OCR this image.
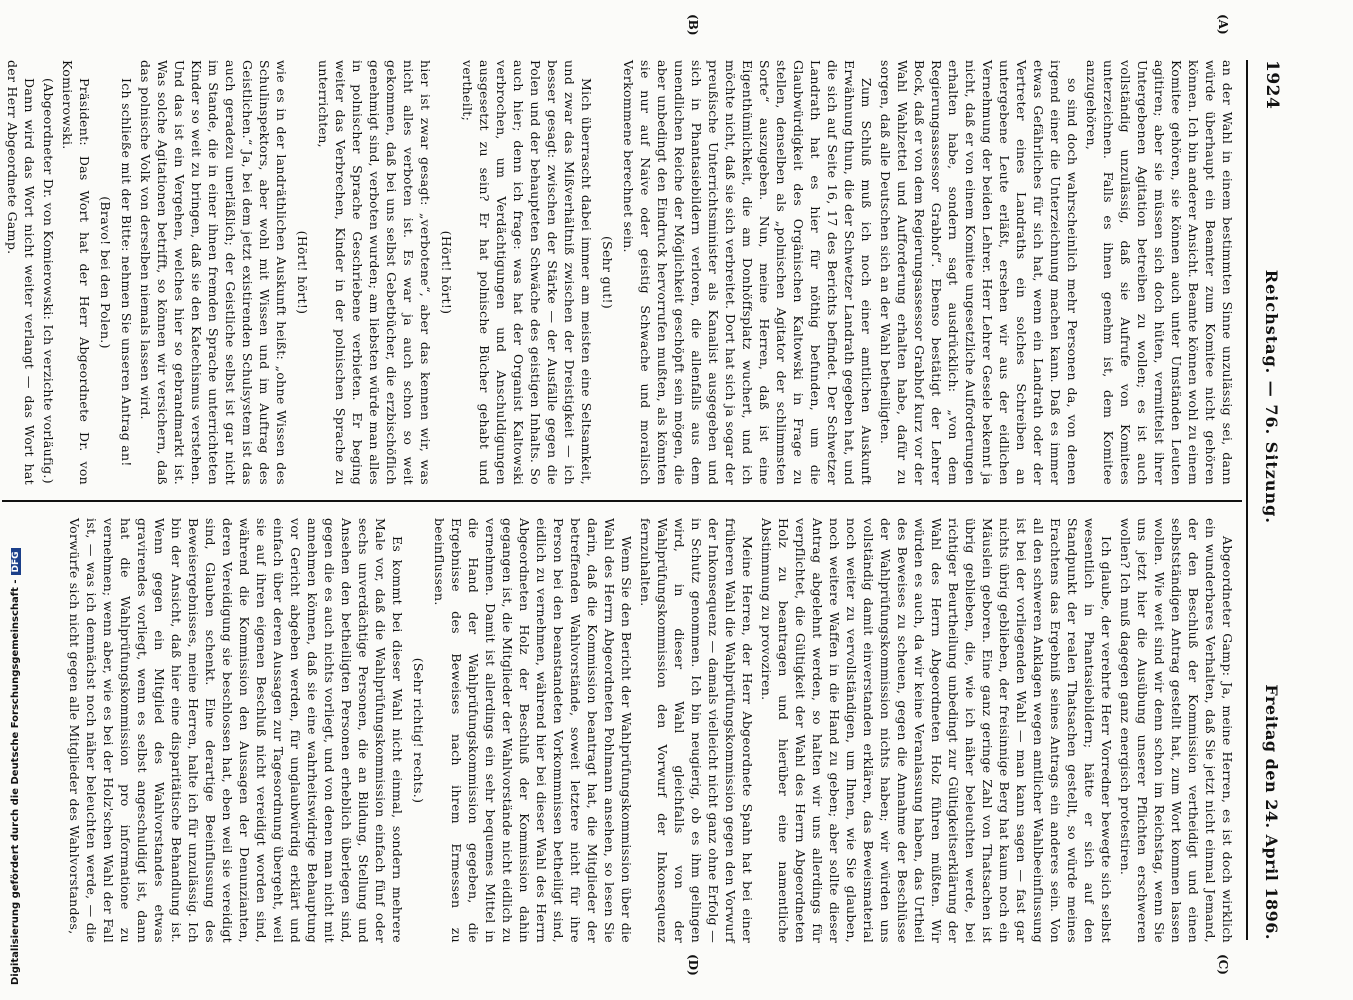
1924
Reichstag. — 76. Sitzung.
Freitag den 24. April 1896.
(A)
(B)
(C)
(D)

an der Wahl in einem bestimmten Sinne unzulässig sei, dann würde überhaupt ein Beamter zum Komitee nicht gehören können. Ich bin anderer Ansicht. Beamte können wohl zu einem Komitee gehören, sie können auch unter Umständen Leuten agitiren; aber sie müssen sich doch hüten, vermittelst ihrer Untergebenen Agitation betreiben zu wollen; es ist auch vollständig unzulässig, daß sie Aufrufe von Komitees unterzeichnen. Falls es ihnen genehm ist, dem Komitee anzugehören,

so sind doch wahrscheinlich mehr Personen da, von denen irgend einer die Unterzeichnung machen kann. Daß es immer etwas Gefährliches für sich hat, wenn ein Landrath oder der Vertreter eines Landraths ein solches Schreiben an untergebene Leute erläßt, ersehen wir aus der eidlichen Vernehmung der beiden Lehrer. Herr Lehrer Gesele bekennt ja nicht, daß er von einem Komitee ungesetzliche Aufforderungen erhalten habe, sondern sagt ausdrücklich: „von dem Regierungsassessor Grabhof“. Ebenso bestätigt der Lehrer Bock, daß er von dem Regierungsassessor Grabhof kurz vor der Wahl Wahlzettel und Aufforderung erhalten habe, dafür zu sorgen, daß alle Deutschen sich an der Wahl betheiligten.

Zum Schluß muß ich noch einer amtlichen Auskunft Erwähnung thun, die der Schwetzer Landrath gegeben hat, und die sich auf Seite 16, 17 des Berichts befindet. Der Schwetzer Landrath hat es hier für nöthig befunden, um die Glaubwürdigkeit des Orgänischen Kaltowski in Frage zu stellen, denselben als „polnischen Agitator der schlimmsten Sorte“ auszugeben. Nun, meine Herren, daß ist eine Eigenthümlichkeit, die am Donhöffsplatz wuchert, und ich möchte nicht, daß sie sich verbreitet. Dort hat sich ja sogar der preußische Unterrichtsminister als Kanalist ausgegeben und sich in Phantasiebildern verloren, die allenfalls aus dem unendlichen Reiche der Möglichkeit geschöpft sein mögen, die aber unbedingt den Eindruck hervorrufen mußten, als könnten sie nur auf Naive oder geistig Schwache und moralisch Verkommene berechnet sein.

(Sehr gut!)

Mich überrascht dabei immer am meisten eine Seltsamkeit, und zwar das Mißverhältniß zwischen der Dreistigkeit — ich besser gesagt: zwischen der Stärke — der Ausfälle gegen die Polen und der behaupteten Schwäche des geistigen Inhalts. So auch hier; denn ich frage: was hat der Organist Kaltowski verbrochen, um Verdächtigungen und Anschuldigungen ausgesetzt zu sein? Er hat polnische Bücher gehabt und vertheilt;

(Hört! hört!)

hier ist zwar gesagt: „verbotene“, aber das kennen wir, was nicht alles verboten ist. Es war ja auch schon so weit gekommen, daß bei uns selbst Gebetbücher, die erzbischöflich genehmigt sind, verboten wurden; am liebsten würde man alles in polnischer Sprache Geschriebene verbieten. Er beging weiter das Verbrechen, Kinder in der polnischen Sprache zu unterrichten,

(Hört! hört!)

wie es in der landräthlichen Auskunft heißt: „ohne Wissen des Schulinspektors, aber wohl mit Wissen und im Auftrag des Geistlichen.“ Ja, bei dem jetzt existirenden Schulsystem ist das auch geradezu unerläßlich; der Geistliche selbst ist gar nicht im Stande, die in einer ihnen fremden Sprache unterrichteten Kinder so weit zu bringen, daß sie den Katechismus verstehen. Und das ist ein Vergehen, welches hier so gebrandmarkt ist. Was solche Agitationen betrifft, so können wir versichern, daß das polnische Volk von derselben niemals lassen wird.

Ich schließe mit der Bitte: nehmen Sie unseren Antrag an!

(Bravo! bei den Polen.)

Präsident: Das Wort hat der Herr Abgeordnete Dr. von Komierowski.

(Abgeordneter Dr. von Komierowski: Ich verzichte vorläufig.)

Dann wird das Wort nicht weiter verlangt — das Wort hat der Herr Abgeordnete Gamp.

Abgeordneter Gamp: Ja, meine Herren, es ist doch wirklich ein wunderbares Verhalten, daß Sie jetzt nicht einmal Jemand, der den Beschluß der Kommission vertheidigt und einen selbstständigen Antrag gestellt hat, zum Wort kommen lassen wollen. Wie weit sind wir denn schon im Reichstag, wenn Sie uns jetzt hier die Ausübung unserer Pflichten erschweren wollen? Ich muß dagegen ganz energisch protestiren.

Ich glaube, der verehrte Herr Vorredner bewegte sich selbst wesentlich in Phantasiebildern; hätte er sich auf den Standpunkt der realen Thatsachen gestellt, so würde meines Erachtens das Ergebniß seines Antrags ein anderes sein. Von all den schweren Anklagen wegen amtlicher Wahlbeeinflussung ist bei der vorliegenden Wahl — man kann sagen — fast gar nichts übrig geblieben, der freisinnige Berg hat kaum noch ein Mäuslein geboren. Eine ganz geringe Zahl von Thatsachen ist übrig geblieben, die, wie ich näher beleuchten werde, bei richtiger Beurtheilung unbedingt zur Gültigkeitserklärung der Wahl des Herrn Abgeordneten Holz führen müßten. Wir würden es auch, da wir keine Veranlassung haben, das Urtheil des Beweises zu scheuen, gegen die Annahme der Beschlüsse der Wahlprüfungskommission nichts haben; wir würden uns vollständig damit einverstanden erklären, das Beweismaterial noch weiter zu vervollständigen, um Ihnen, wie Sie glauben, noch weitere Waffen in die Hand zu geben; aber sollte dieser Antrag abgelehnt werden, so halten wir uns allerdings für verpflichtet, die Gültigkeit der Wahl des Herrn Abgeordneten Holz zu beantragen und hierüber eine namentliche Abstimmung zu provoziren.

Meine Herren, der Herr Abgeordnete Spahn hat bei einer früheren Wahl die Wahlprüfungskommission gegen den Vorwurf der Inkonsequenz — damals vielleicht nicht ganz ohne Erfolg — in Schutz genommen. Ich bin neugierig, ob es ihm gelingen wird, in dieser Wahl gleichfalls von der Wahlprüfungskommission den Vorwurf der Inkonsequenz fernzuhalten.

Wenn Sie den Bericht der Wahlprüfungskommission über die Wahl des Herrn Abgeordneten Pohlmann ansehen, so lesen Sie darin, daß die Kommission beantragt hat, die Mitglieder der betreffenden Wahlvorstände, soweit letztere nicht für ihre Person bei den beanstandeten Vorkommnissen betheiligt sind, eidlich zu vernehmen, während hier bei dieser Wahl des Herrn Abgeordneten Holz der Beschluß der Kommission dahin gegangen ist, die Mitglieder der Wahlvorstände nicht eidlich zu vernehmen. Damit ist allerdings ein sehr bequemes Mittel in die Hand der Wahlprüfungskommission gegeben, die Ergebnisse des Beweises nach ihrem Ermessen zu beeinflussen.

(Sehr richtig! rechts.)

Es kommt bei dieser Wahl nicht einmal, sondern mehrere Male vor, daß die Wahlprüfungskommission einfach fünf oder sechs unverdächtige Personen, die an Bildung, Stellung und Ansehen den betheiligten Personen erheblich überlegen sind, gegen die es auch nichts vorliegt, und von denen man nicht mit annehmen können, daß sie eine wahrheitswidrige Behauptung vor Gericht abgeben werden, für unglaubwürdig erklärt und einfach über deren Aussagen zur Tagesordnung übergeht, weil sie auf ihren eigenen Beschluß nicht vereidigt worden sind, während die Kommission den Aussagen der Denunzianten, deren Vereidigung sie beschlossen hat, eben weil sie vereidigt sind, Glauben schenkt. Eine derartige Beeinflussung des Beweisergebnisses, meine Herren, halte ich für unzulässig. Ich bin der Ansicht, daß hier eine disparitätische Behandlung ist. Wenn gegen ein Mitglied des Wahlvorstandes etwas gravirendes vorliegt, wenn es selbst angeschuldigt ist, dann hat die Wahlprüfungskommission pro informatione zu vernehmen; wenn aber, wie es bei der Holz'schen Wahl der Fall ist, — was ich demnächst noch näher beleuchten werde, — die Vorwürfe sich nicht gegen alle Mitglieder des Wahlvorstandes,

Digitalisierung gefördert durch die Deutsche Forschungsgemeinschaft -DFG
